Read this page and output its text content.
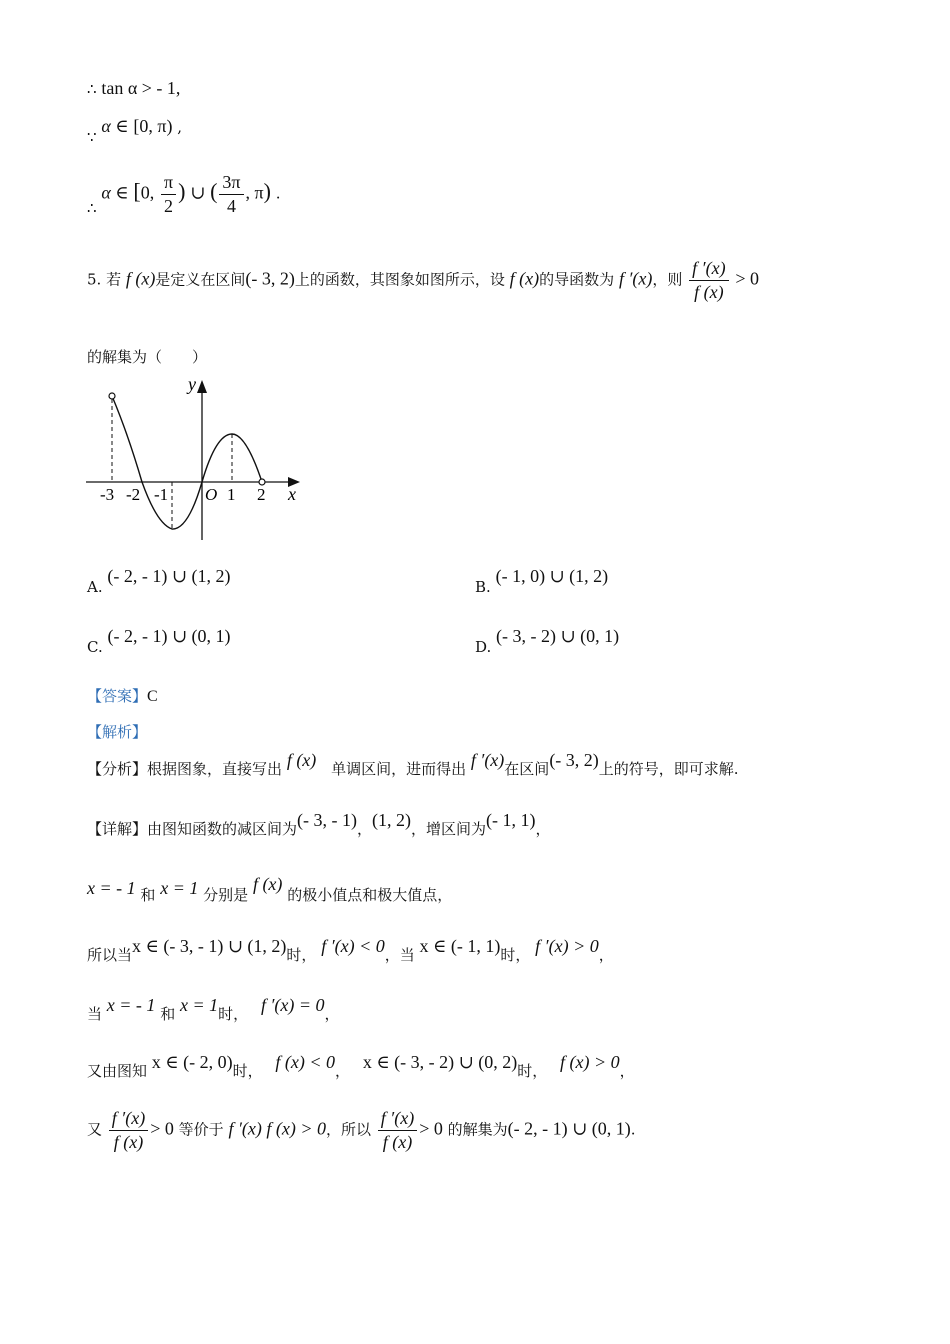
∴ tan α > - 1,
∵ α ∈ [0, π) ,
∴ α ∈ [0, $\frac{\pi}{2}$ ) ∪ ( $\frac{3\pi}{4}$ , π) .
5. 若 f (x)是定义在区间(- 3, 2)上的函数，其图象如图所示，设 f (x)的导函数为 f ′(x)，则 $\frac{f '(x)}{f (x)} > 0$
的解集为（　　）
y
x
O
-3 -2 -1	1 2
A. (- 2, - 1) ∪ (1, 2)
B. (- 1, 0) ∪ (1, 2)
C. (- 2, - 1) ∪ (0, 1)
D. (- 3, - 2) ∪ (0, 1)
【答案】C
【解析】
【分析】根据图象，直接写出 f (x) 单调区间，进而得出 f ′(x)在区间(- 3, 2)上的符号，即可求解.
【详解】由图知函数的减区间为(- 3, - 1)，(1, 2)，增区间为(- 1, 1)，
x = - 1 和 x = 1 分别是 f (x) 的极小值点和极大值点，
所以当x ∈ (- 3, - 1) ∪ (1, 2)时， f ′(x) < 0，当 x ∈ (- 1, 1)时， f ′(x) > 0，
当 x = - 1 和 x = 1时， f ′(x) = 0，
又由图知 x ∈ (- 2, 0)时， f (x) < 0， x ∈ (- 3, - 2) ∪ (0, 2)时， f (x) > 0，
又 $\frac{f '(x)}{f (x)} > 0$ 等价于 f ′(x) f (x) > 0，所以 $\frac{f '(x)}{f (x)} > 0$ 的解集为(- 2, - 1) ∪ (0, 1).
